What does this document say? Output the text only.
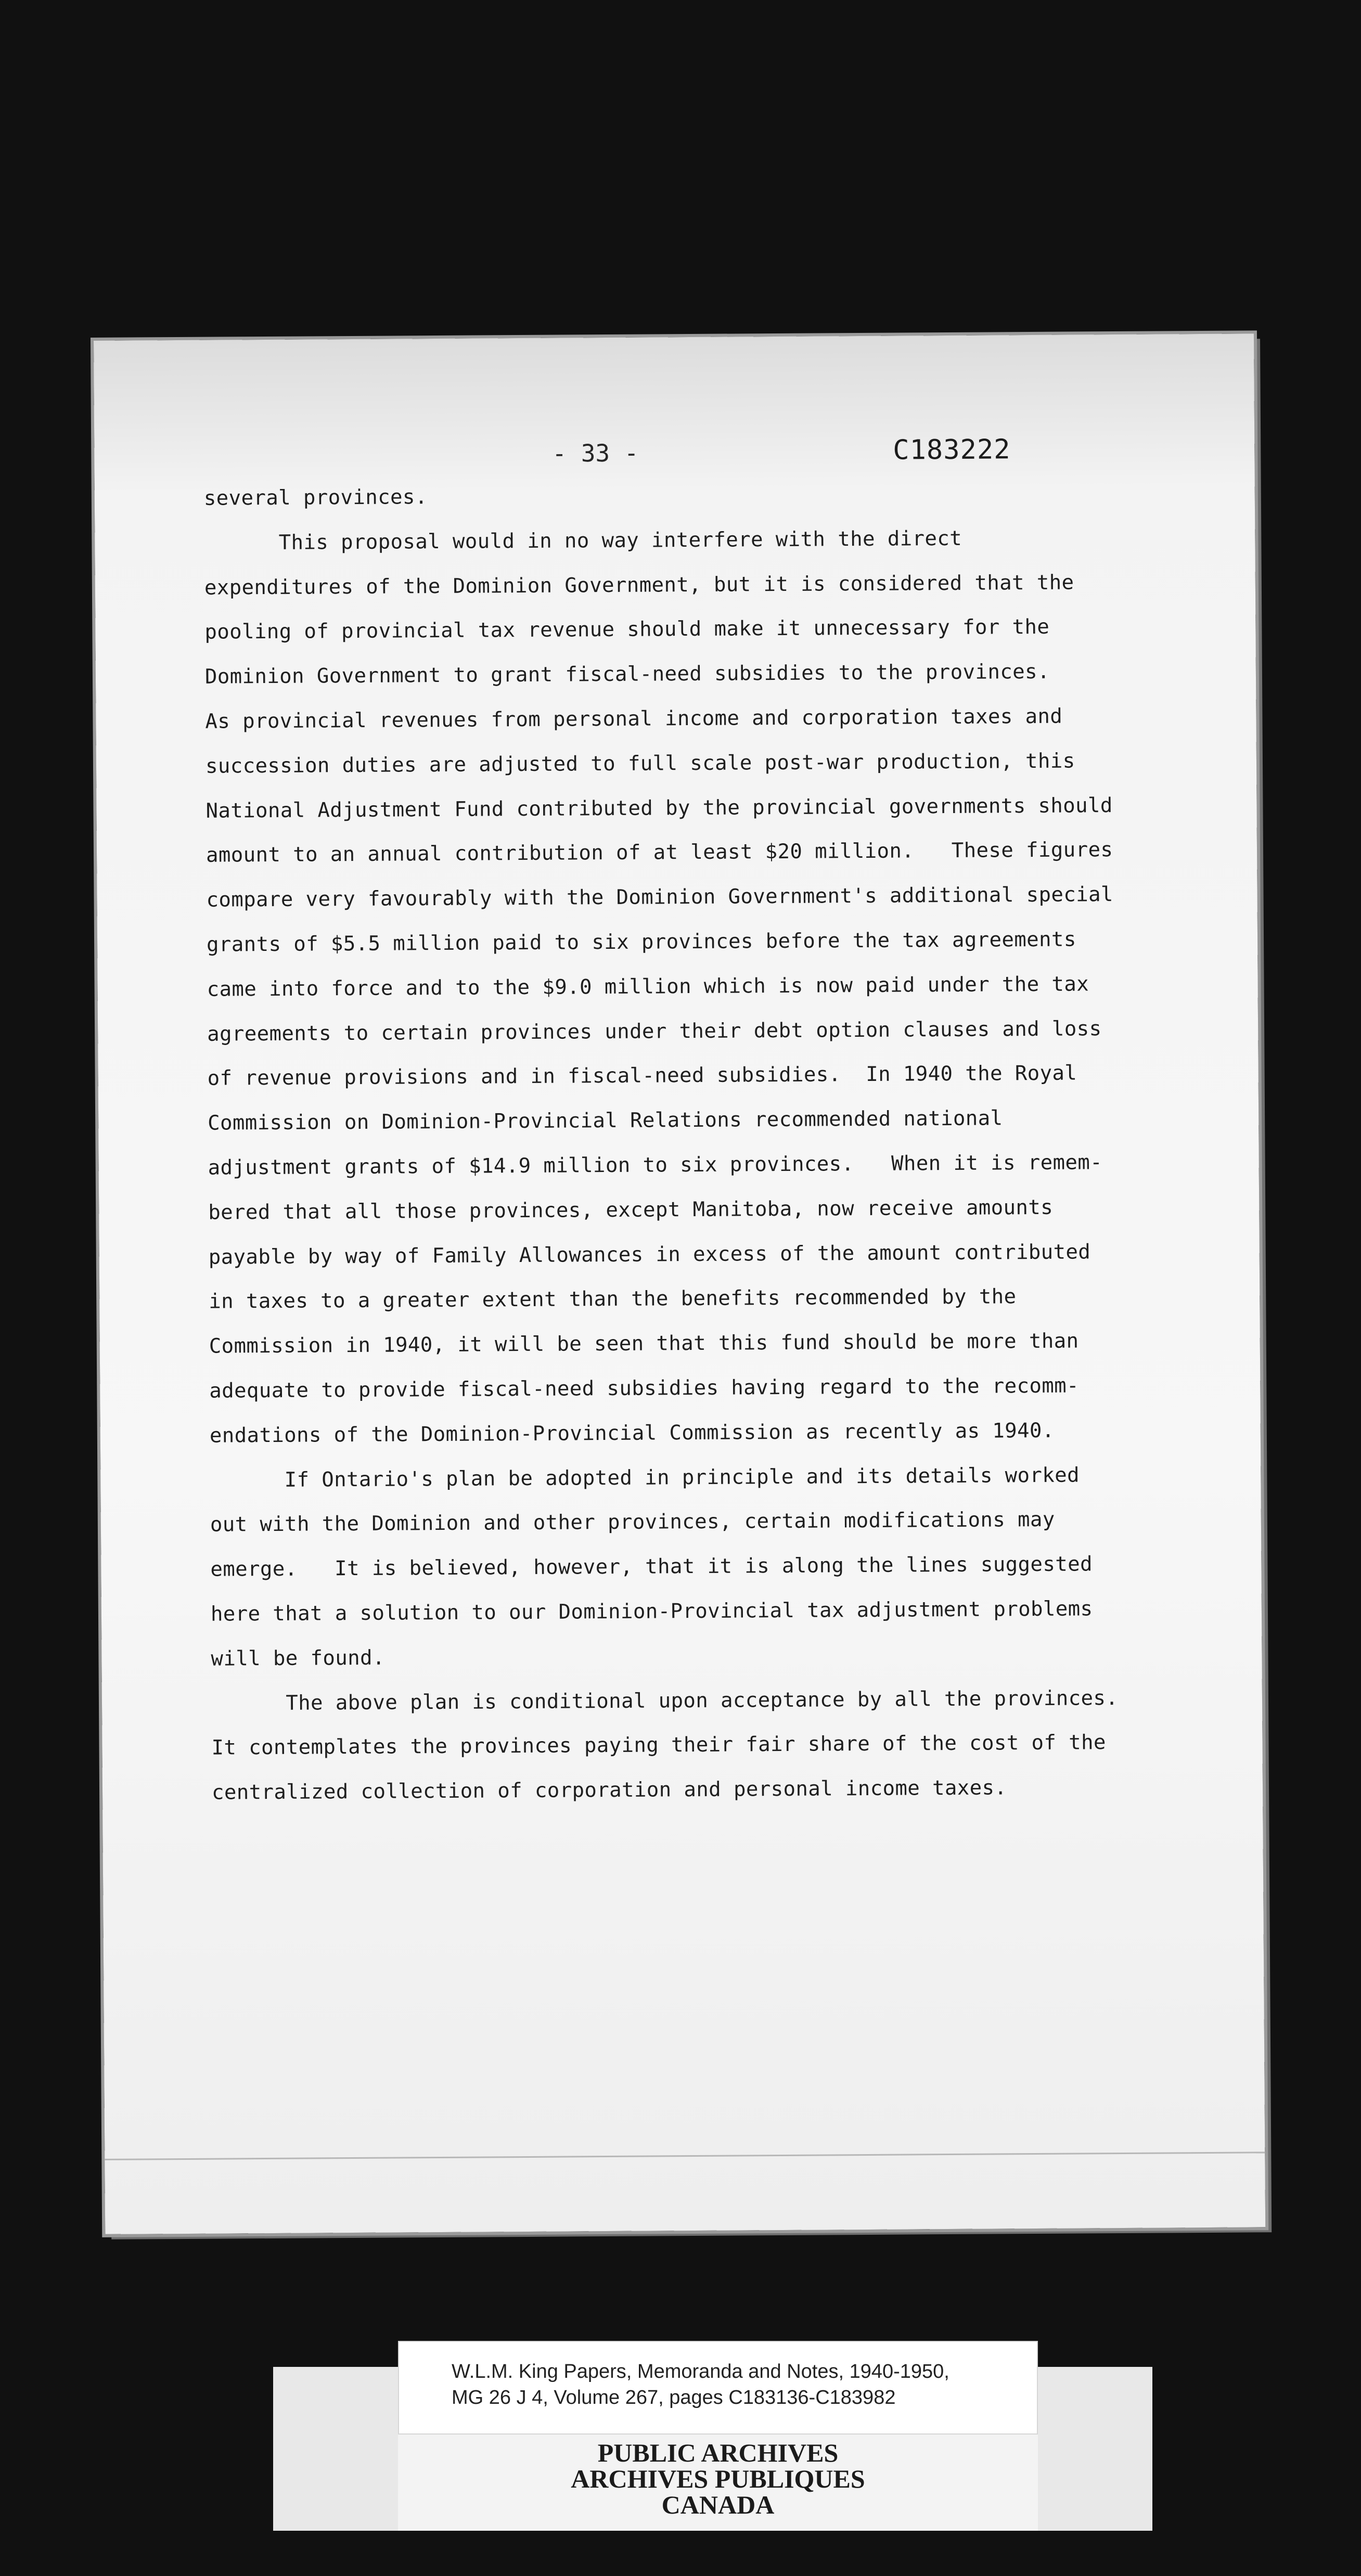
- 33 -	C183222
several provinces.
This proposal would in no way interfere with the direct
expenditures of the Dominion Government, but it is considered that the
pooling of provincial tax revenue should make it unnecessary for the
Dominion Government to grant fiscal-need subsidies to the provinces.
As provincial revenues from personal income and corporation taxes and
succession duties are adjusted to full scale post-war production, this
National Adjustment Fund contributed by the provincial governments should
amount to an annual contribution of at least $20 million.   These figures
compare very favourably with the Dominion Government's additional special
grants of $5.5 million paid to six provinces before the tax agreements
came into force and to the $9.0 million which is now paid under the tax
agreements to certain provinces under their debt option clauses and loss
of revenue provisions and in fiscal-need subsidies.  In 1940 the Royal
Commission on Dominion-Provincial Relations recommended national
adjustment grants of $14.9 million to six provinces.   When it is remem-
bered that all those provinces, except Manitoba, now receive amounts
payable by way of Family Allowances in excess of the amount contributed
in taxes to a greater extent than the benefits recommended by the
Commission in 1940, it will be seen that this fund should be more than
adequate to provide fiscal-need subsidies having regard to the recomm-
endations of the Dominion-Provincial Commission as recently as 1940.
If Ontario's plan be adopted in principle and its details worked
out with the Dominion and other provinces, certain modifications may
emerge.   It is believed, however, that it is along the lines suggested
here that a solution to our Dominion-Provincial tax adjustment problems
will be found.
The above plan is conditional upon acceptance by all the provinces.
It contemplates the provinces paying their fair share of the cost of the
centralized collection of corporation and personal income taxes.
W.L.M. King Papers, Memoranda and Notes, 1940-1950,
MG 26 J 4, Volume 267, pages C183136-C183982
PUBLIC ARCHIVES
ARCHIVES PUBLIQUES
CANADA
